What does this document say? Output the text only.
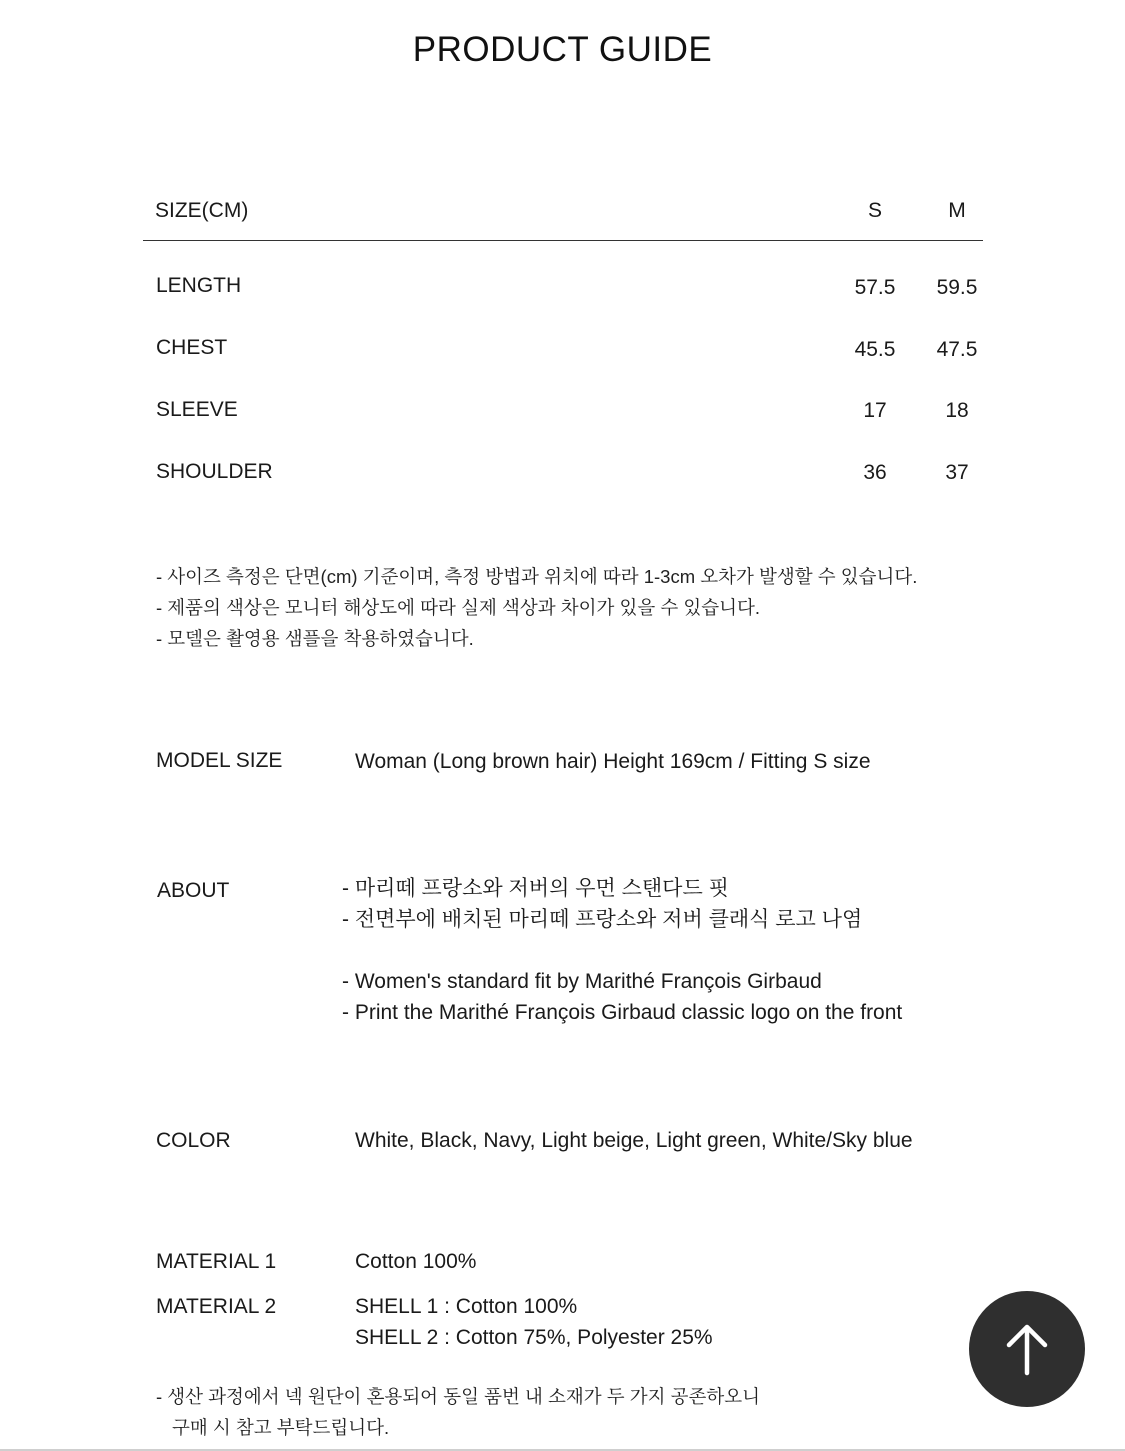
PRODUCT GUIDE
SIZE(CM)	S	M
LENGTH	57.5	59.5
CHEST	45.5	47.5
SLEEVE	17	18
SHOULDER	36	37
- 사이즈 측정은 단면(cm) 기준이며, 측정 방법과 위치에 따라 1-3cm 오차가 발생할 수 있습니다.
- 제품의 색상은 모니터 해상도에 따라 실제 색상과 차이가 있을 수 있습니다.
- 모델은 촬영용 샘플을 착용하였습니다.
MODEL SIZE	Woman (Long brown hair) Height 169cm / Fitting S size
ABOUT	- 마리떼 프랑소와 저버의 우먼 스탠다드 핏
- 전면부에 배치된 마리떼 프랑소와 저버 클래식 로고 나염
- Women's standard fit by Marithé François Girbaud
- Print the Marithé François Girbaud classic logo on the front
COLOR	White, Black, Navy, Light beige, Light green, White/Sky blue
MATERIAL 1	Cotton 100%
MATERIAL 2	SHELL 1 : Cotton 100%
SHELL 2 : Cotton 75%, Polyester 25%
- 생산 과정에서 넥 원단이 혼용되어 동일 품번 내 소재가 두 가지 공존하오니
구매 시 참고 부탁드립니다.
